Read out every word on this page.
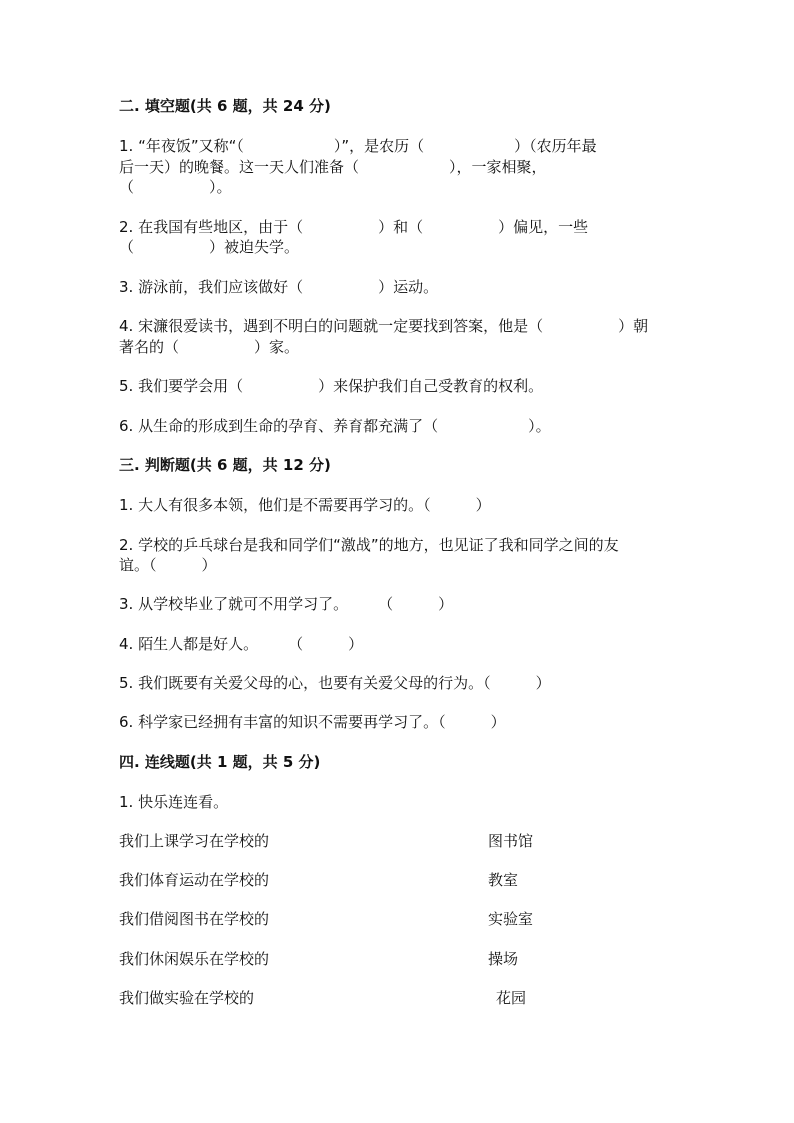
二. 填空题(共 6 题，共 24 分)
1. “年夜饭”又称“（　　　　　　）”，是农历（　　　　　　）（农历年最
后一天）的晚餐。这一天人们准备（　　　　　　），一家相聚，
（　　　　　）。
2. 在我国有些地区，由于（　　　　　）和（　　　　　）偏见，一些
（　　　　　）被迫失学。
3. 游泳前，我们应该做好（　　　　　）运动。
4. 宋濂很爱读书，遇到不明白的问题就一定要找到答案，他是（　　　　　）朝
著名的（　　　　　）家。
5. 我们要学会用（　　　　　）来保护我们自己受教育的权利。
6. 从生命的形成到生命的孕育、养育都充满了（　　　　　　）。
三. 判断题(共 6 题，共 12 分)
1. 大人有很多本领，他们是不需要再学习的。（　　　）
2. 学校的乒乓球台是我和同学们“激战”的地方，也见证了我和同学之间的友
谊。（　　　）
3. 从学校毕业了就可不用学习了。　　　（　　　）
4. 陌生人都是好人。　　　（　　　）
5. 我们既要有关爱父母的心，也要有关爱父母的行为。（　　　）
6. 科学家已经拥有丰富的知识不需要再学习了。（　　　）
四. 连线题(共 1 题，共 5 分)
1. 快乐连连看。
我们上课学习在学校的	图书馆
我们体育运动在学校的	教室
我们借阅图书在学校的	实验室
我们休闲娱乐在学校的	操场
我们做实验在学校的	花园
